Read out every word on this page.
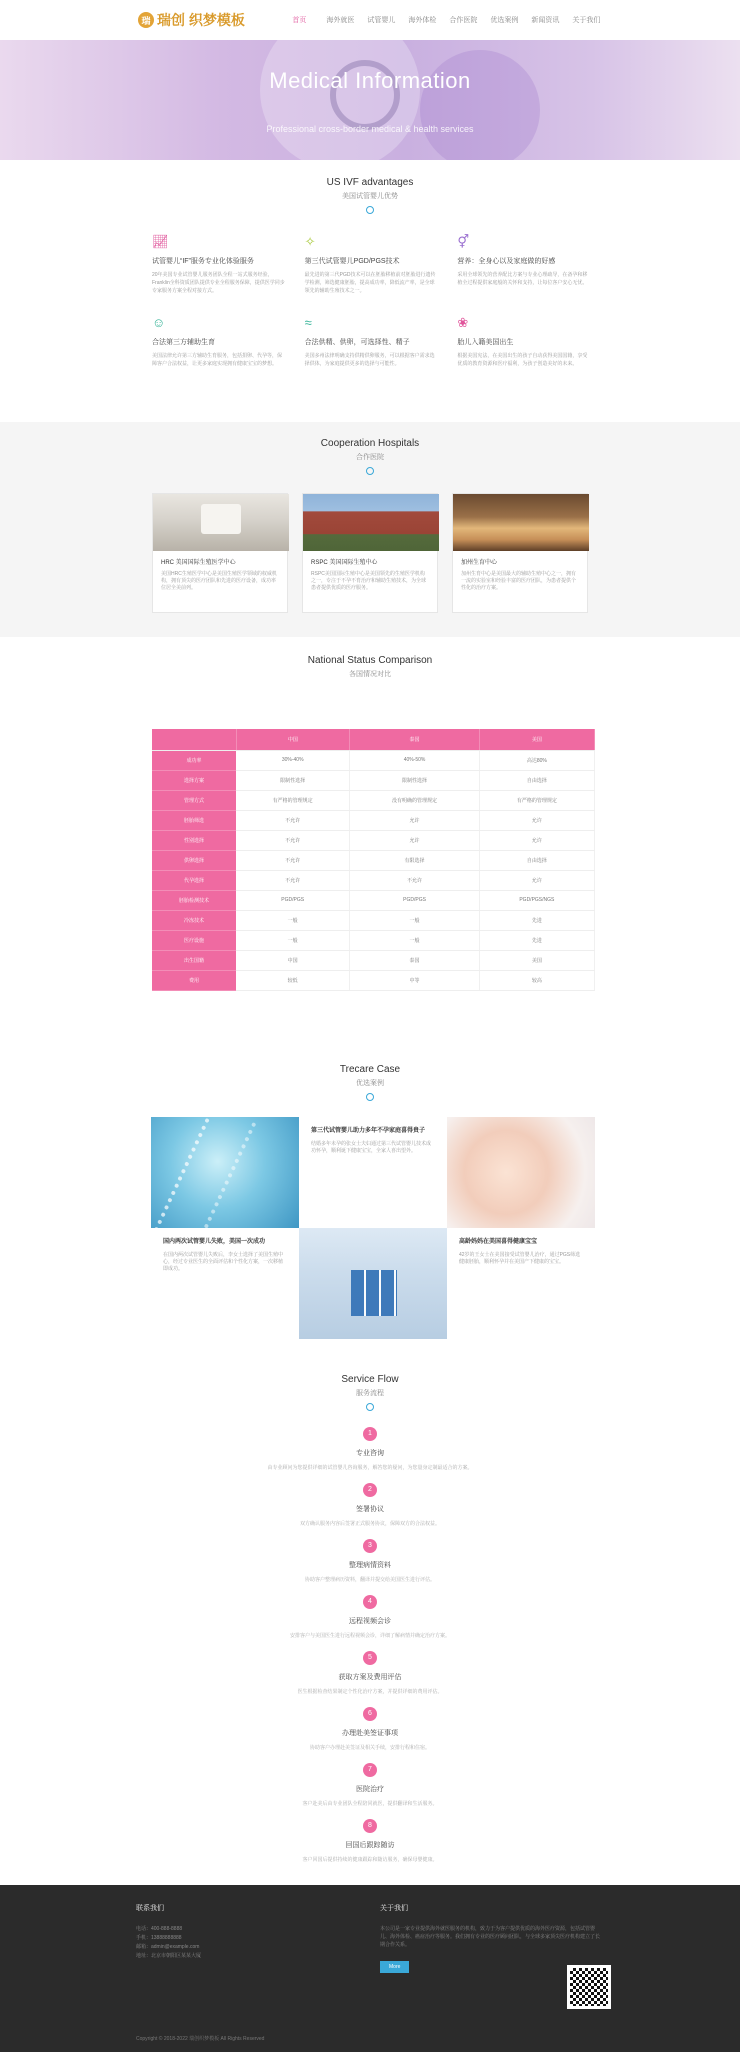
瑞 瑞创 织梦模板	首页	海外就医	试管婴儿	海外体检	合作医院	优选案例	新闻资讯	关于我们
Medical Information

Professional cross-border medical & health services

US IVF advantages
美国试管婴儿优势
📈︎
试管婴儿“IF”服务专业化体验服务

20年美国专业试管婴儿服务团队全程一站式服务经验，Franklin全科资质团队提供专业全程服务保障，提供医学同步专家服务方案全程对接方式。

✧
第三代试管婴儿PGD/PGS技术

最先进的第三代PGD技术可以在胚胎移植前对胚胎进行遗传学检测，筛选健康胚胎，提高成功率，降低流产率，是全球领先的辅助生殖技术之一。

⚥
营养：全身心以及家庭做的好感

采用全球领先的营养配比方案与专业心理疏导，在备孕和移植全过程提供家庭般的关怀和支持，让每位客户安心无忧。

☺
合法第三方辅助生育

美国法律允许第三方辅助生育服务，包括捐卵、代孕等，保障客户合法权益，让更多家庭实现拥有健康宝宝的梦想。

≈
合法供精、供卵，可选择性、精子

美国多州法律明确支持供精供卵服务，可以根据客户需求选择供体，为家庭提供更多的选择与可能性。

❀
胎儿入籍美国出生

根据美国宪法，在美国出生的孩子自动获得美国国籍，享受优质的教育资源和医疗福利，为孩子创造美好的未来。

Cooperation Hospitals
合作医院
HRC 美国国际生殖医学中心

美国HRC生殖医学中心是美国生殖医学领域的权威机构，拥有顶尖的医疗团队和先进的医疗设备，成功率位居全美前列。

RSPC 美国国际生殖中心

RSPC美国国际生殖中心是美国领先的生殖医学机构之一，专注于不孕不育治疗和辅助生殖技术，为全球患者提供优质的医疗服务。

加州生育中心

加州生育中心是美国最大的辅助生殖中心之一，拥有一流的实验室和经验丰富的医疗团队，为患者提供个性化的治疗方案。

National Status Comparison
各国情况对比
	中国	泰国	美国
成功率	30%-40%	40%-50%	高达80%
选择方案	限制性选择	限制性选择	自由选择
管理方式	有严格的管理规定	没有明确的管理规定	有严格的管理规定
胚胎筛选	不允许	允许	允许
性别选择	不允许	允许	允许
供卵选择	不允许	有限选择	自由选择
代孕选择	不允许	不允许	允许
胚胎检测技术	PGD/PGS	PGD/PGS	PGD/PGS/NGS
冷冻技术	一般	一般	先进
医疗设施	一般	一般	先进
出生国籍	中国	泰国	美国
费用	较低	中等	较高
Trecare Case
优选案例
第三代试管婴儿助力多年不孕家庭喜得贵子

结婚多年未孕的张女士夫妇通过第三代试管婴儿技术成功怀孕，顺利诞下健康宝宝，全家人喜出望外。

国内两次试管婴儿失败，美国一次成功

在国内两次试管婴儿失败后，李女士选择了美国生殖中心，经过专业医生的全面评估和个性化方案，一次移植即成功。

高龄妈妈在美国喜得健康宝宝

42岁的王女士在美国接受试管婴儿治疗，通过PGS筛选健康胚胎，顺利怀孕并在美国产下健康的宝宝。

Service Flow
服务流程
1
专业咨询

由专业顾问为您提供详细的试管婴儿咨询服务，解答您的疑问，为您量身定制最适合的方案。

2
签署协议

双方确认服务内容后签署正式服务协议，保障双方的合法权益。

3
整理病情资料

协助客户整理病历资料，翻译并提交给美国医生进行评估。

4
远程视频会诊

安排客户与美国医生进行远程视频会诊，详细了解病情并确定治疗方案。

5
获取方案及费用评估

医生根据检查结果制定个性化治疗方案，并提供详细的费用评估。

6
办理赴美签证事项

协助客户办理赴美签证及相关手续，安排行程和住宿。

7
医院治疗

客户赴美后由专业团队全程陪同就医，提供翻译和生活服务。

8
回国后跟踪随访

客户回国后提供持续的健康跟踪和随访服务，确保母婴健康。

联系我们
电话：400-888-8888
手机：13888888888
邮箱：admin@example.com
地址：北京市朝阳区某某大厦
关于我们
本公司是一家专业提供海外就医服务的机构，致力于为客户提供优质的海外医疗资源，包括试管婴儿、海外体检、癌症治疗等服务。我们拥有专业的医疗顾问团队，与全球多家顶尖医疗机构建立了长期合作关系。
More
Copyright © 2018-2022 瑞创织梦模板 All Rights Reserved
